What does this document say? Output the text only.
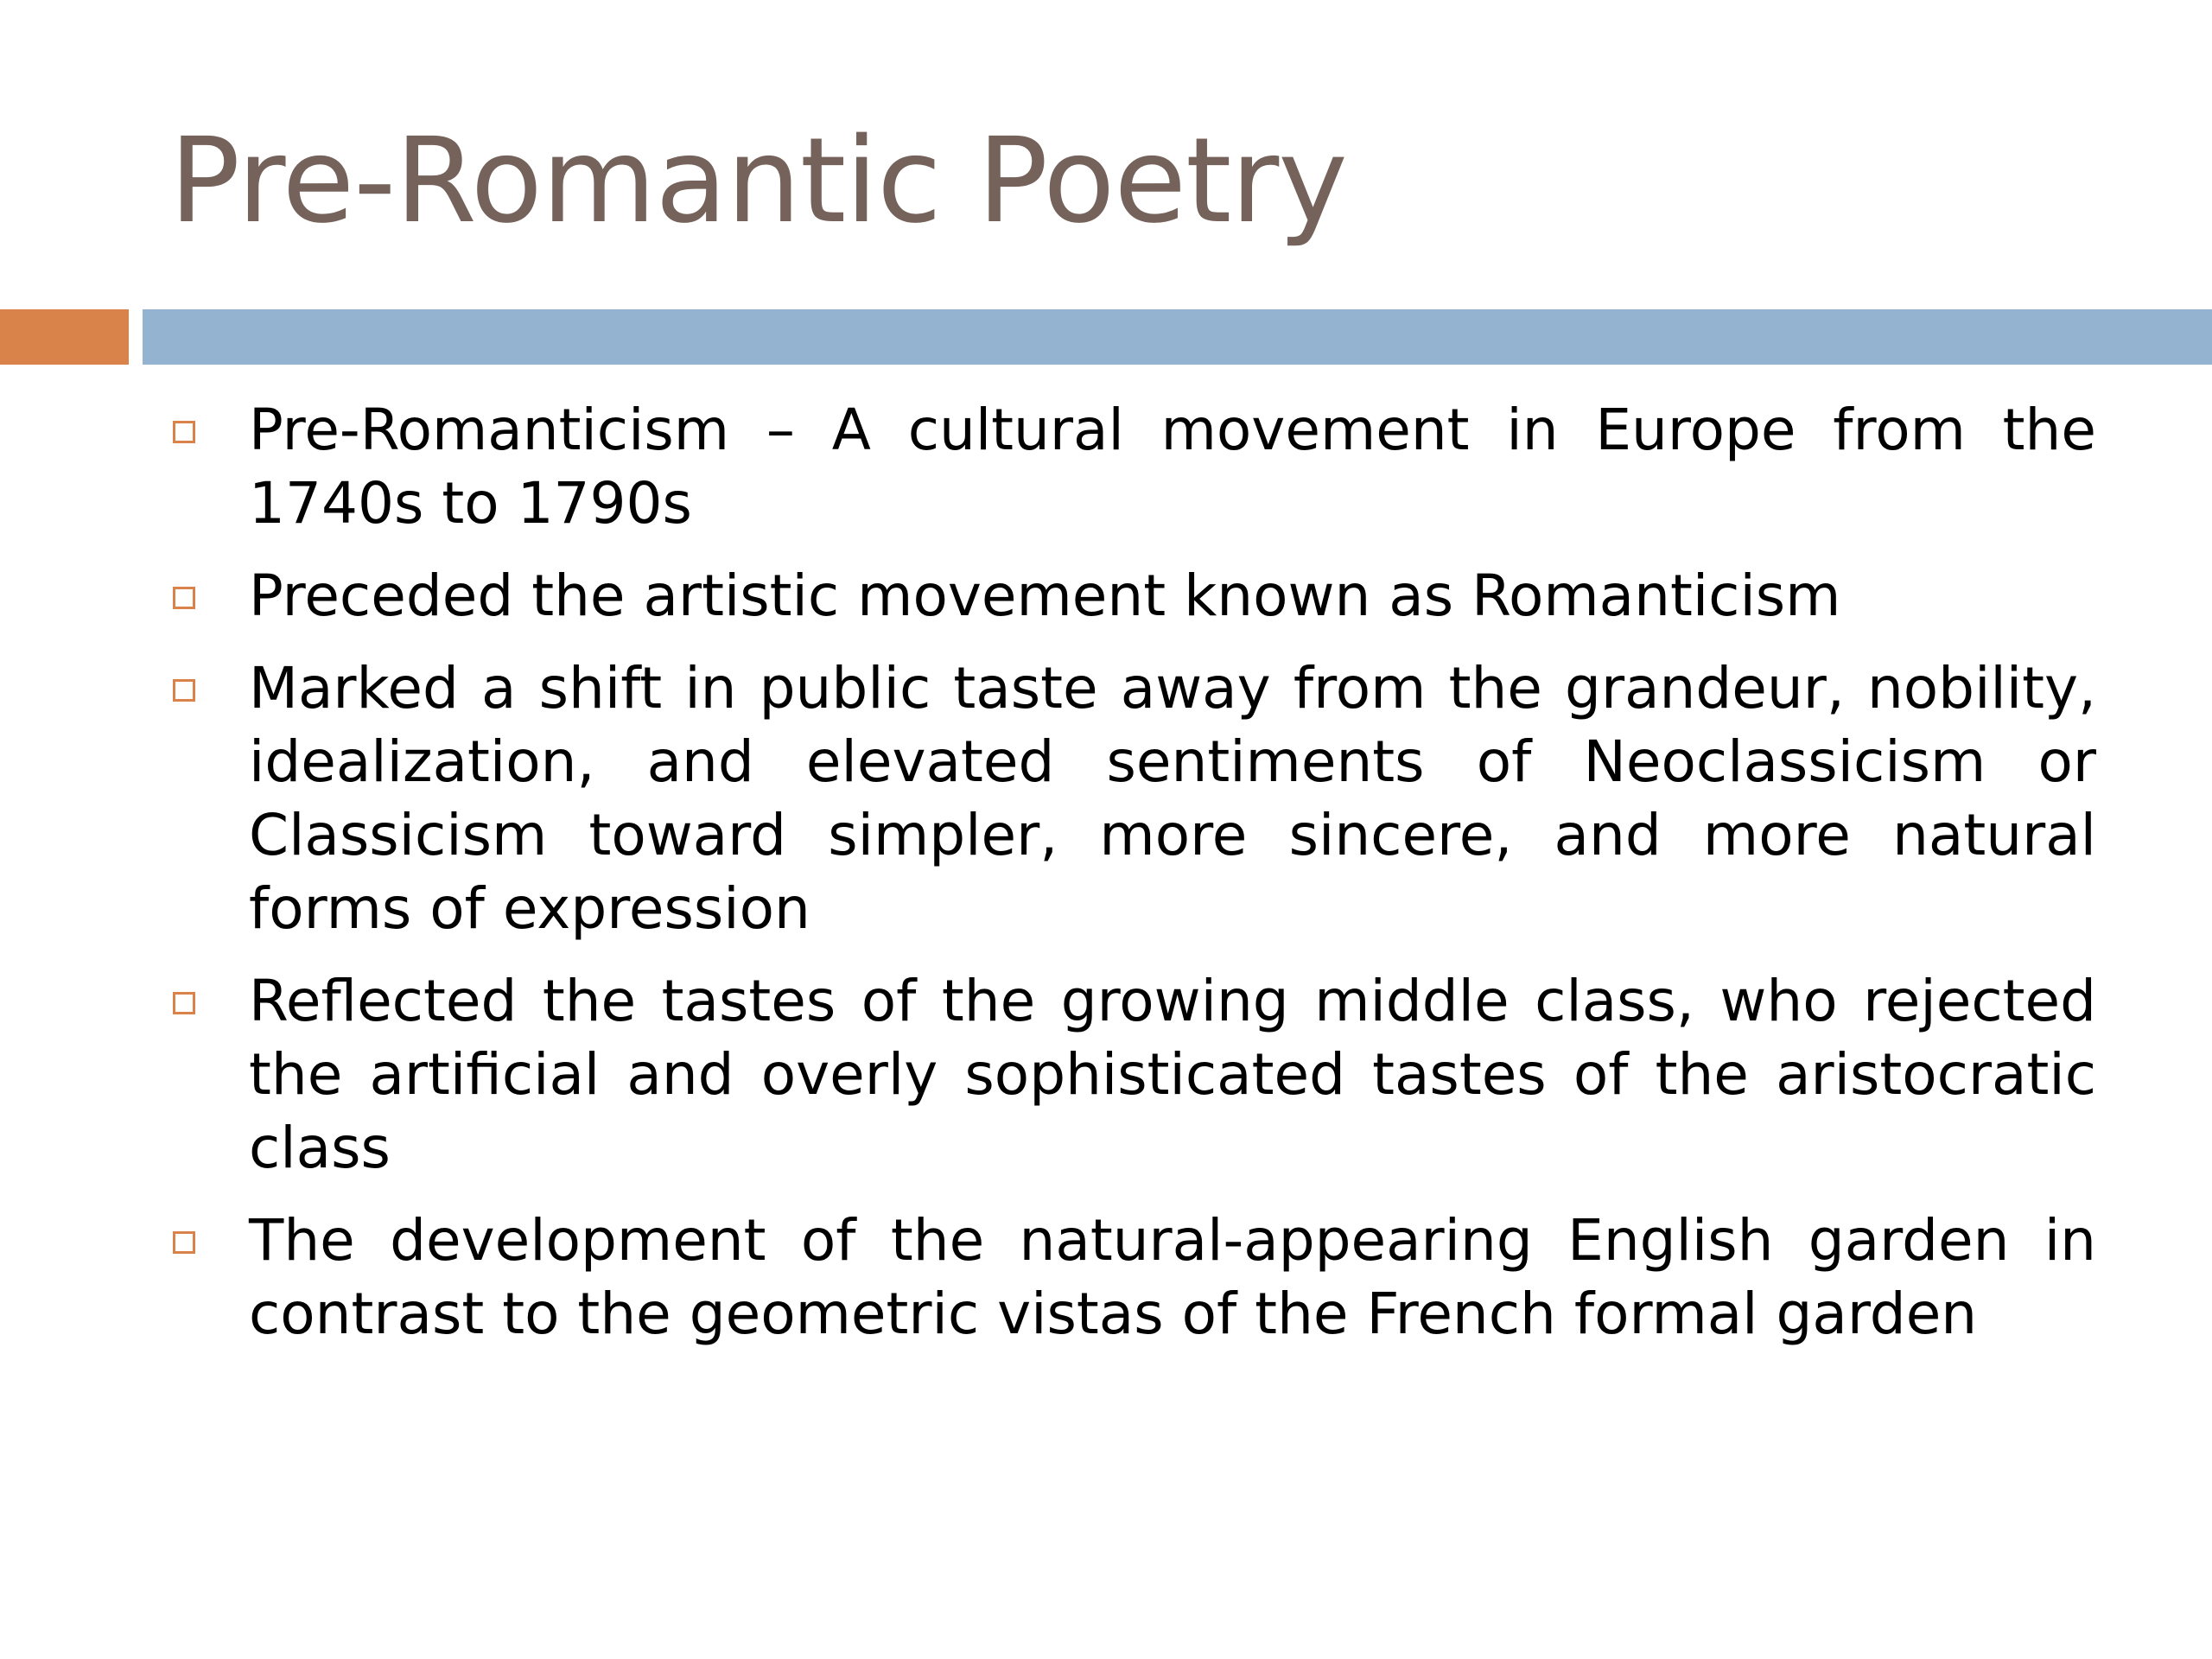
Pre-Romantic Poetry
Pre-Romanticism – A cultural movement in Europe from the 1740s to 1790s
Preceded the artistic movement known as Romanticism
Marked a shift in public taste away from the grandeur, nobility, idealization, and elevated sentiments of Neoclassicism or Classicism toward simpler, more sincere, and more natural forms of expression
Reflected the tastes of the growing middle class, who rejected the artificial and overly sophisticated tastes of the aristocratic class
The development of the natural-appearing English garden in contrast to the geometric vistas of the French formal garden
